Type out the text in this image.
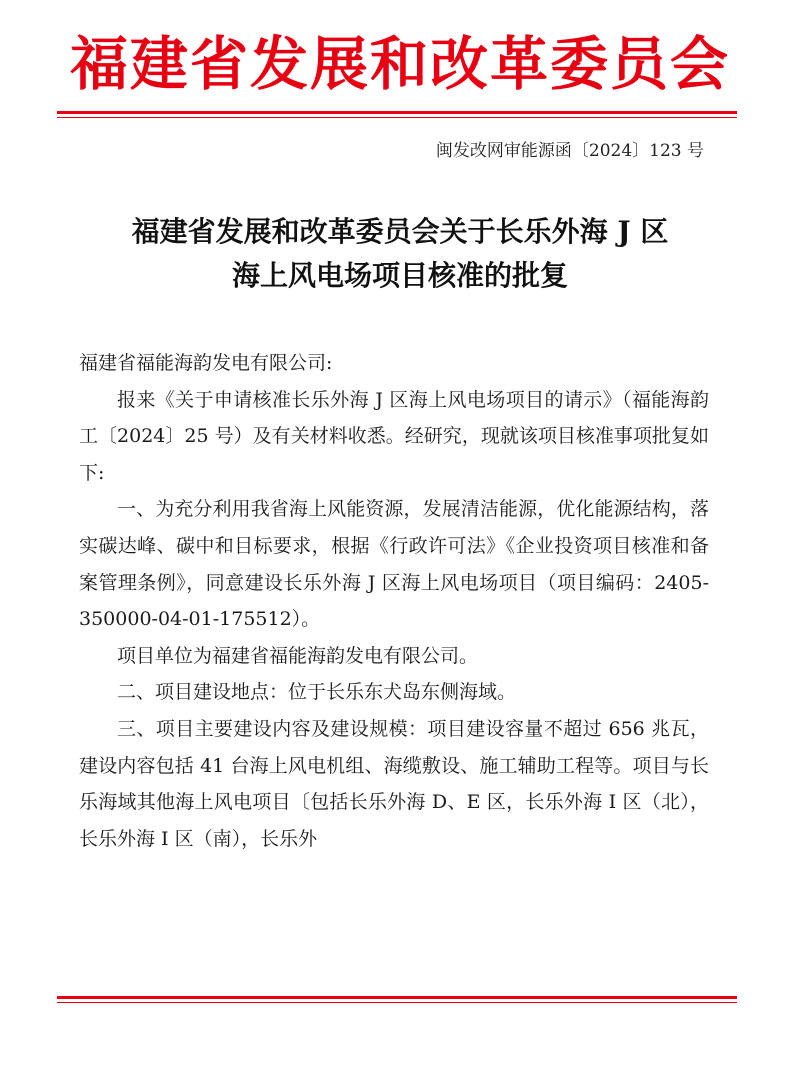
福建省发展和改革委员会
闽发改网审能源函〔2024〕123 号
福建省发展和改革委员会关于长乐外海 J 区
海上风电场项目核准的批复

福建省福能海韵发电有限公司:

报来《关于申请核准长乐外海 J 区海上风电场项目的请示》（福能海韵工〔2024〕25 号）及有关材料收悉。经研究，现就该项目核准事项批复如下:

一、为充分利用我省海上风能资源，发展清洁能源，优化能源结构，落实碳达峰、碳中和目标要求，根据《行政许可法》《企业投资项目核准和备案管理条例》，同意建设长乐外海 J 区海上风电场项目（项目编码：2405-350000-04-01-175512）。

项目单位为福建省福能海韵发电有限公司。

二、项目建设地点：位于长乐东犬岛东侧海域。

三、项目主要建设内容及建设规模：项目建设容量不超过 656 兆瓦，建设内容包括 41 台海上风电机组、海缆敷设、施工辅助工程等。项目与长乐海域其他海上风电项目〔包括长乐外海 D、E 区，长乐外海 I 区（北），长乐外海 I 区（南），长乐外
